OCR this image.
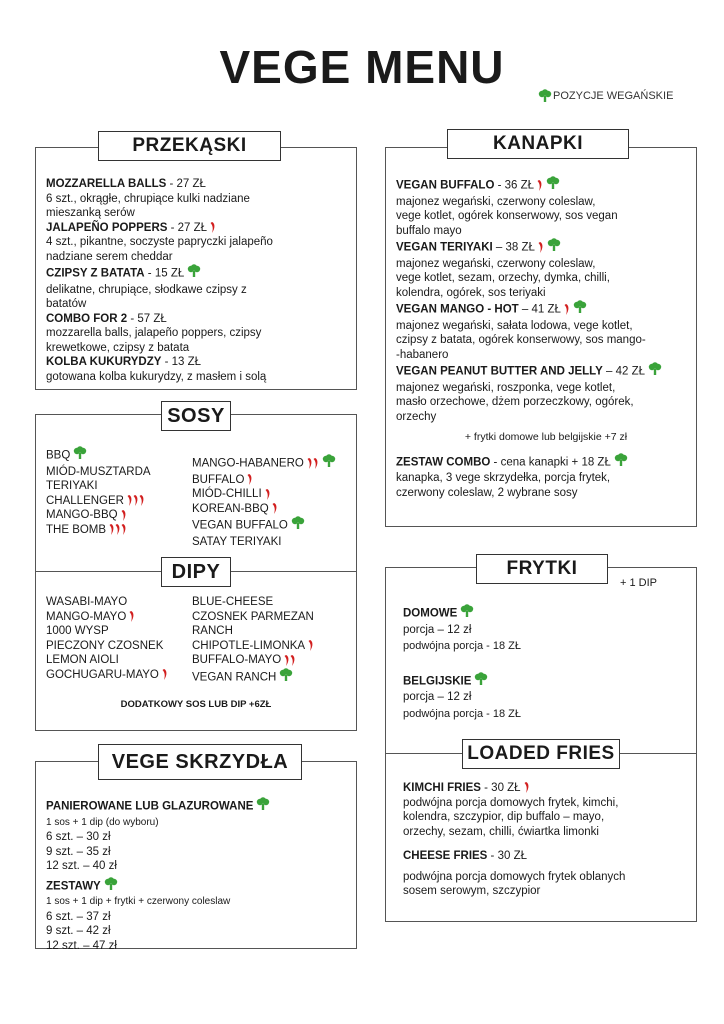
VEGE MENU
POZYCJE WEGAŃSKIE
PRZEKĄSKI
MOZZARELLA BALLS - 27 ZŁ
6 szt., okrągłe, chrupiące kulki nadziane
mieszanką serów
JALAPEÑO POPPERS - 27 ZŁ
4 szt., pikantne, soczyste papryczki jalapeño
nadziane serem cheddar
CZIPSY Z BATATA - 15 ZŁ
delikatne, chrupiące, słodkawe czipsy z
batatów
COMBO FOR 2 - 57 ZŁ
mozzarella balls, jalapeño poppers, czipsy
krewetkowe, czipsy z batata
KOLBA KUKURYDZY - 13 ZŁ
gotowana kolba kukurydzy, z masłem i solą
SOSY
DIPY
BBQ
MIÓD-MUSZTARDA
TERIYAKI
CHALLENGER
MANGO-BBQ
THE BOMB
MANGO-HABANERO
BUFFALO
MIÓD-CHILLI
KOREAN-BBQ
VEGAN BUFFALO
SATAY TERIYAKI
WASABI-MAYO
MANGO-MAYO
1000 WYSP
PIECZONY CZOSNEK
LEMON AIOLI
GOCHUGARU-MAYO
BLUE-CHEESE
CZOSNEK PARMEZAN
RANCH
CHIPOTLE-LIMONKA
BUFFALO-MAYO
VEGAN RANCH
DODATKOWY SOS LUB DIP +6ZŁ
VEGE SKRZYDŁA
PANIEROWANE LUB GLAZUROWANE
1 sos + 1 dip (do wyboru)
6 szt. – 30 zł
9 szt. – 35 zł
12 szt. – 40 zł
ZESTAWY
1 sos + 1 dip + frytki + czerwony coleslaw
6 szt. – 37 zł
9 szt. – 42 zł
12 szt. – 47 zł
KANAPKI
VEGAN BUFFALO - 36 ZŁ
majonez wegański, czerwony coleslaw,
vege kotlet, ogórek konserwowy, sos vegan
buffalo mayo
VEGAN TERIYAKI – 38 ZŁ
majonez wegański, czerwony coleslaw,
vege kotlet, sezam, orzechy, dymka, chilli,
kolendra, ogórek, sos teriyaki
VEGAN MANGO - HOT – 41 ZŁ
majonez wegański, sałata lodowa, vege kotlet,
czipsy z batata, ogórek konserwowy, sos mango-
-habanero
VEGAN PEANUT BUTTER AND JELLY – 42 ZŁ
majonez wegański, roszponka, vege kotlet,
masło orzechowe, dżem porzeczkowy, ogórek,
orzechy
+ frytki domowe lub belgijskie +7 zł
ZESTAW COMBO - cena kanapki + 18 ZŁ
kanapka, 3 vege skrzydełka, porcja frytek,
czerwony coleslaw, 2 wybrane sosy
FRYTKI
+ 1 DIP
DOMOWE
porcja – 12 zł
podwójna porcja - 18 ZŁ
BELGIJSKIE
porcja – 12 zł
podwójna porcja - 18 ZŁ
LOADED FRIES
KIMCHI FRIES - 30 ZŁ
podwójna porcja domowych frytek, kimchi,
kolendra, szczypior, dip buffalo – mayo,
orzechy, sezam, chilli, ćwiartka limonki
CHEESE FRIES - 30 ZŁ
podwójna porcja domowych frytek oblanych
sosem serowym, szczypior
